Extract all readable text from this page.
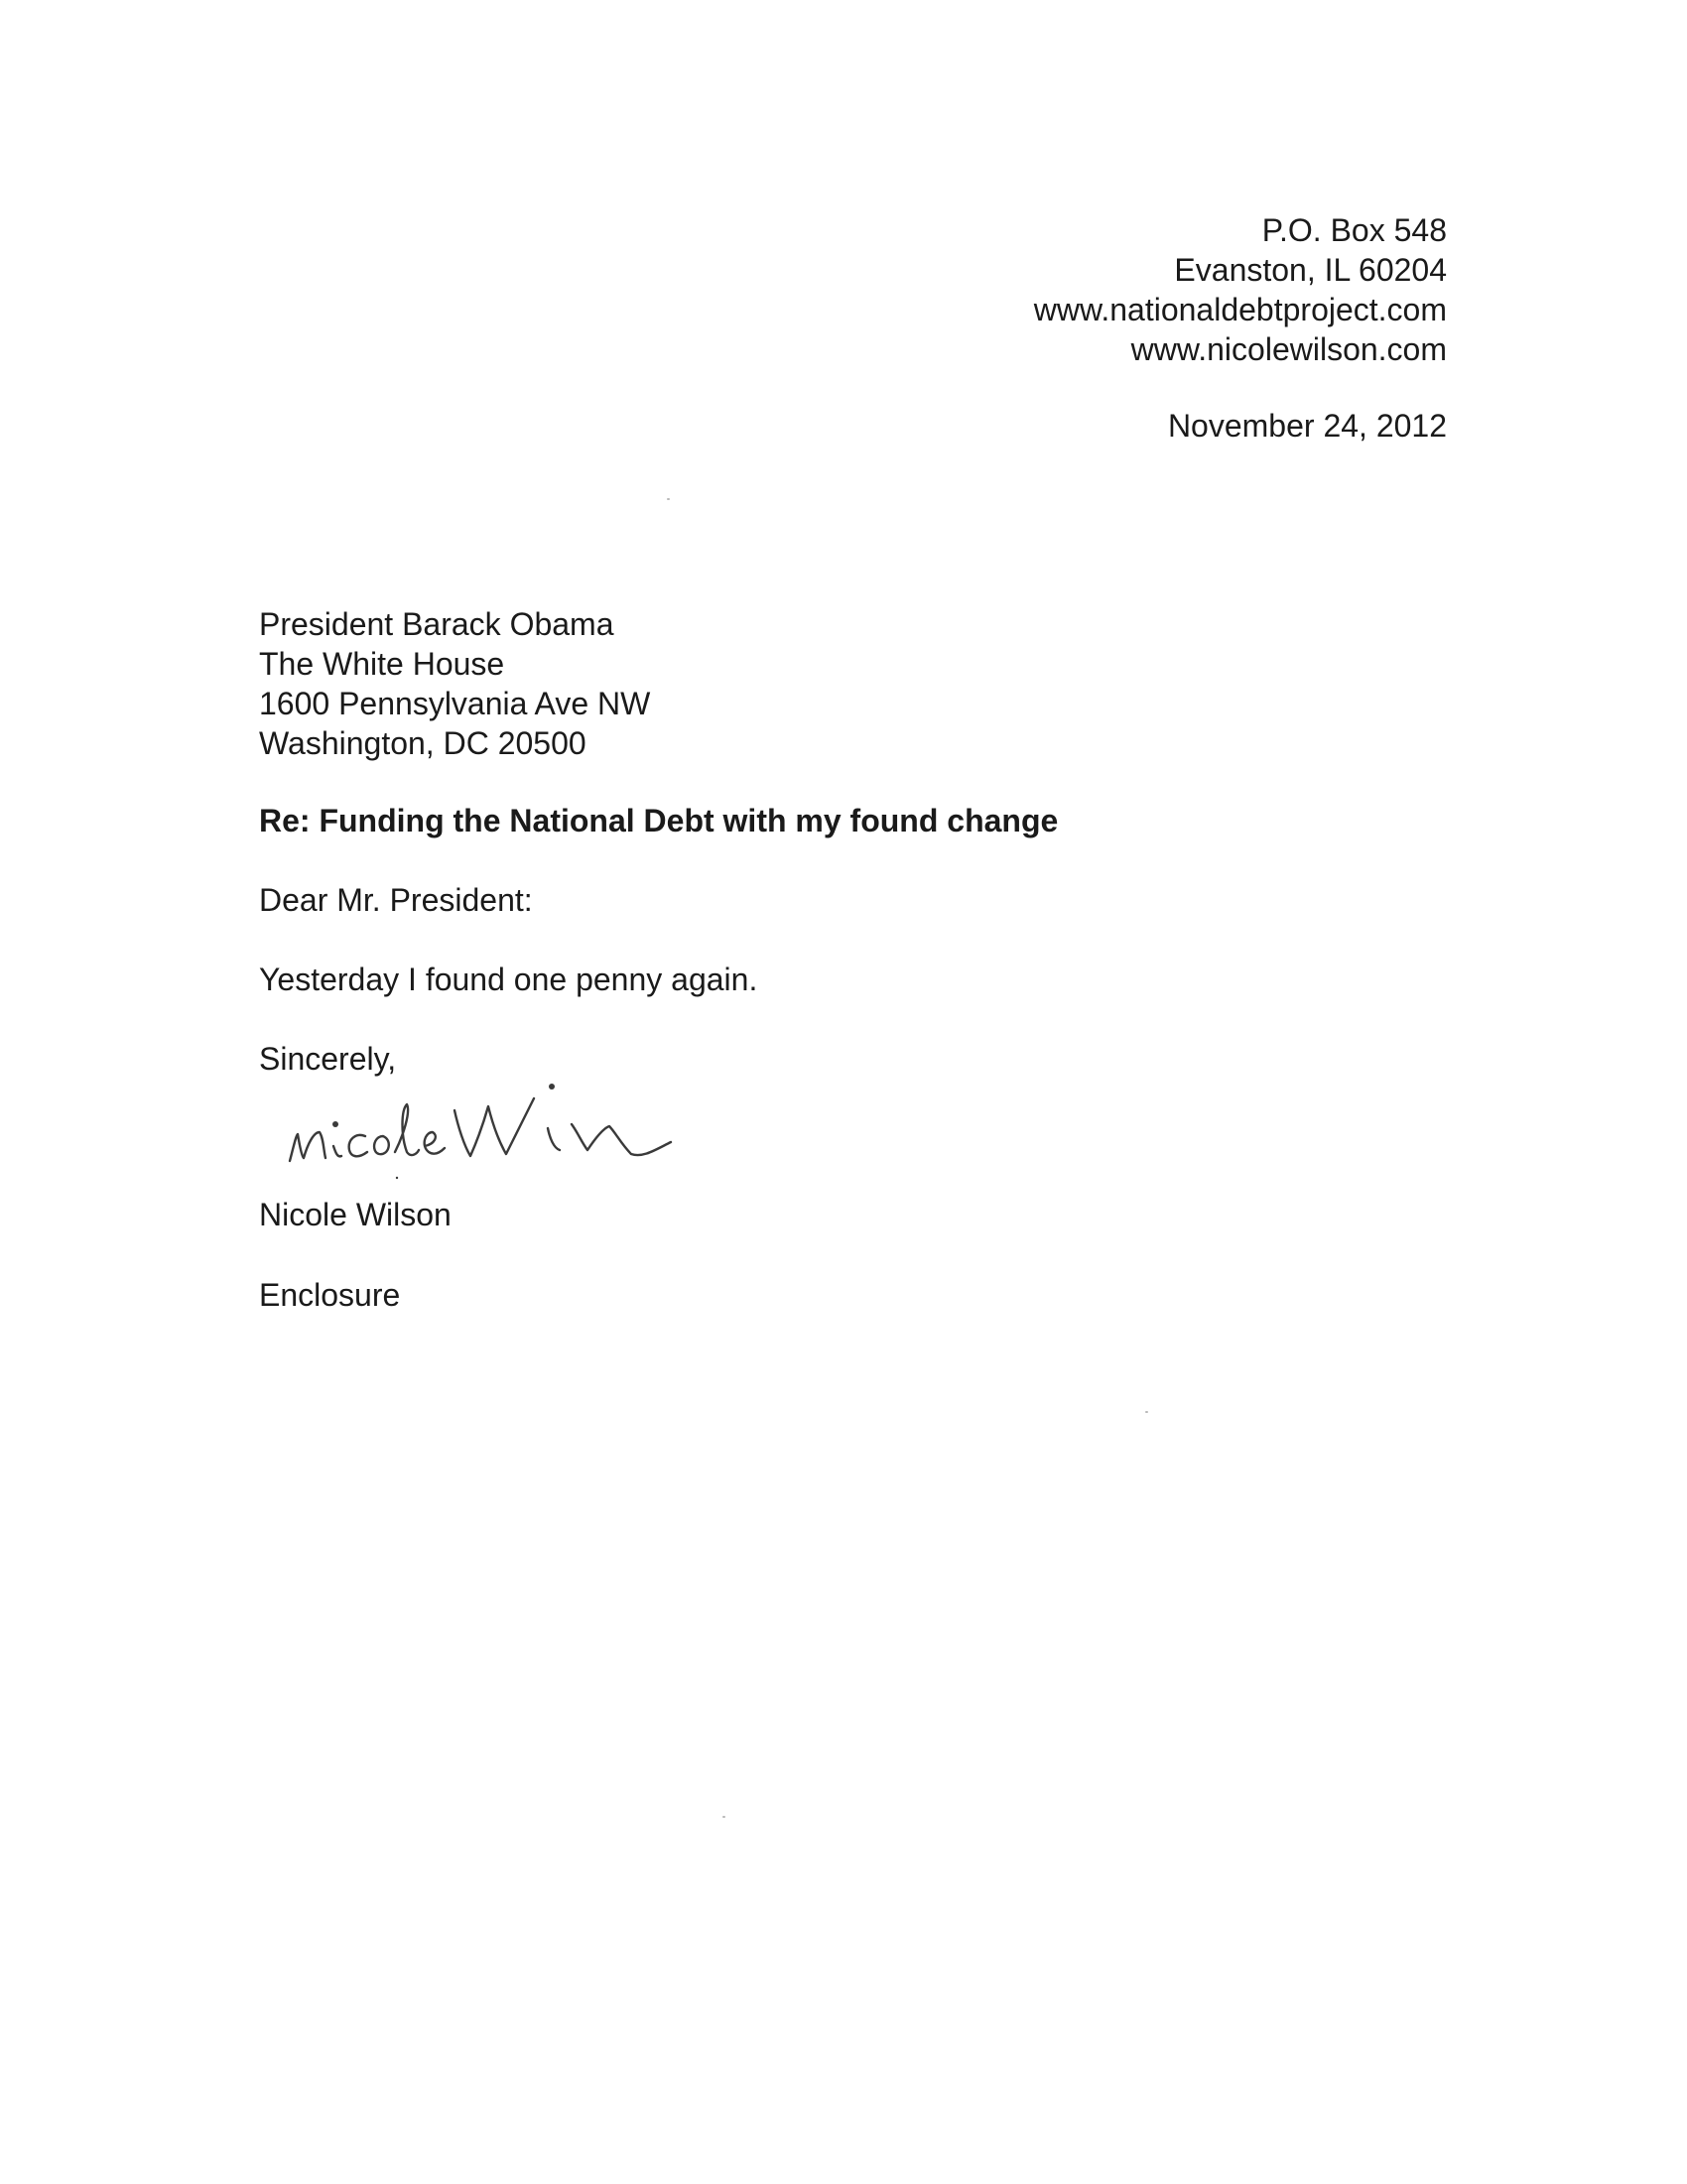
P.O. Box 548
Evanston, IL 60204
www.nationaldebtproject.com
www.nicolewilson.com
November 24, 2012
President Barack Obama
The White House
1600 Pennsylvania Ave NW
Washington, DC 20500
Re: Funding the National Debt with my found change
Dear Mr. President:
Yesterday I found one penny again.
Sincerely,
Nicole Wilson
Enclosure
